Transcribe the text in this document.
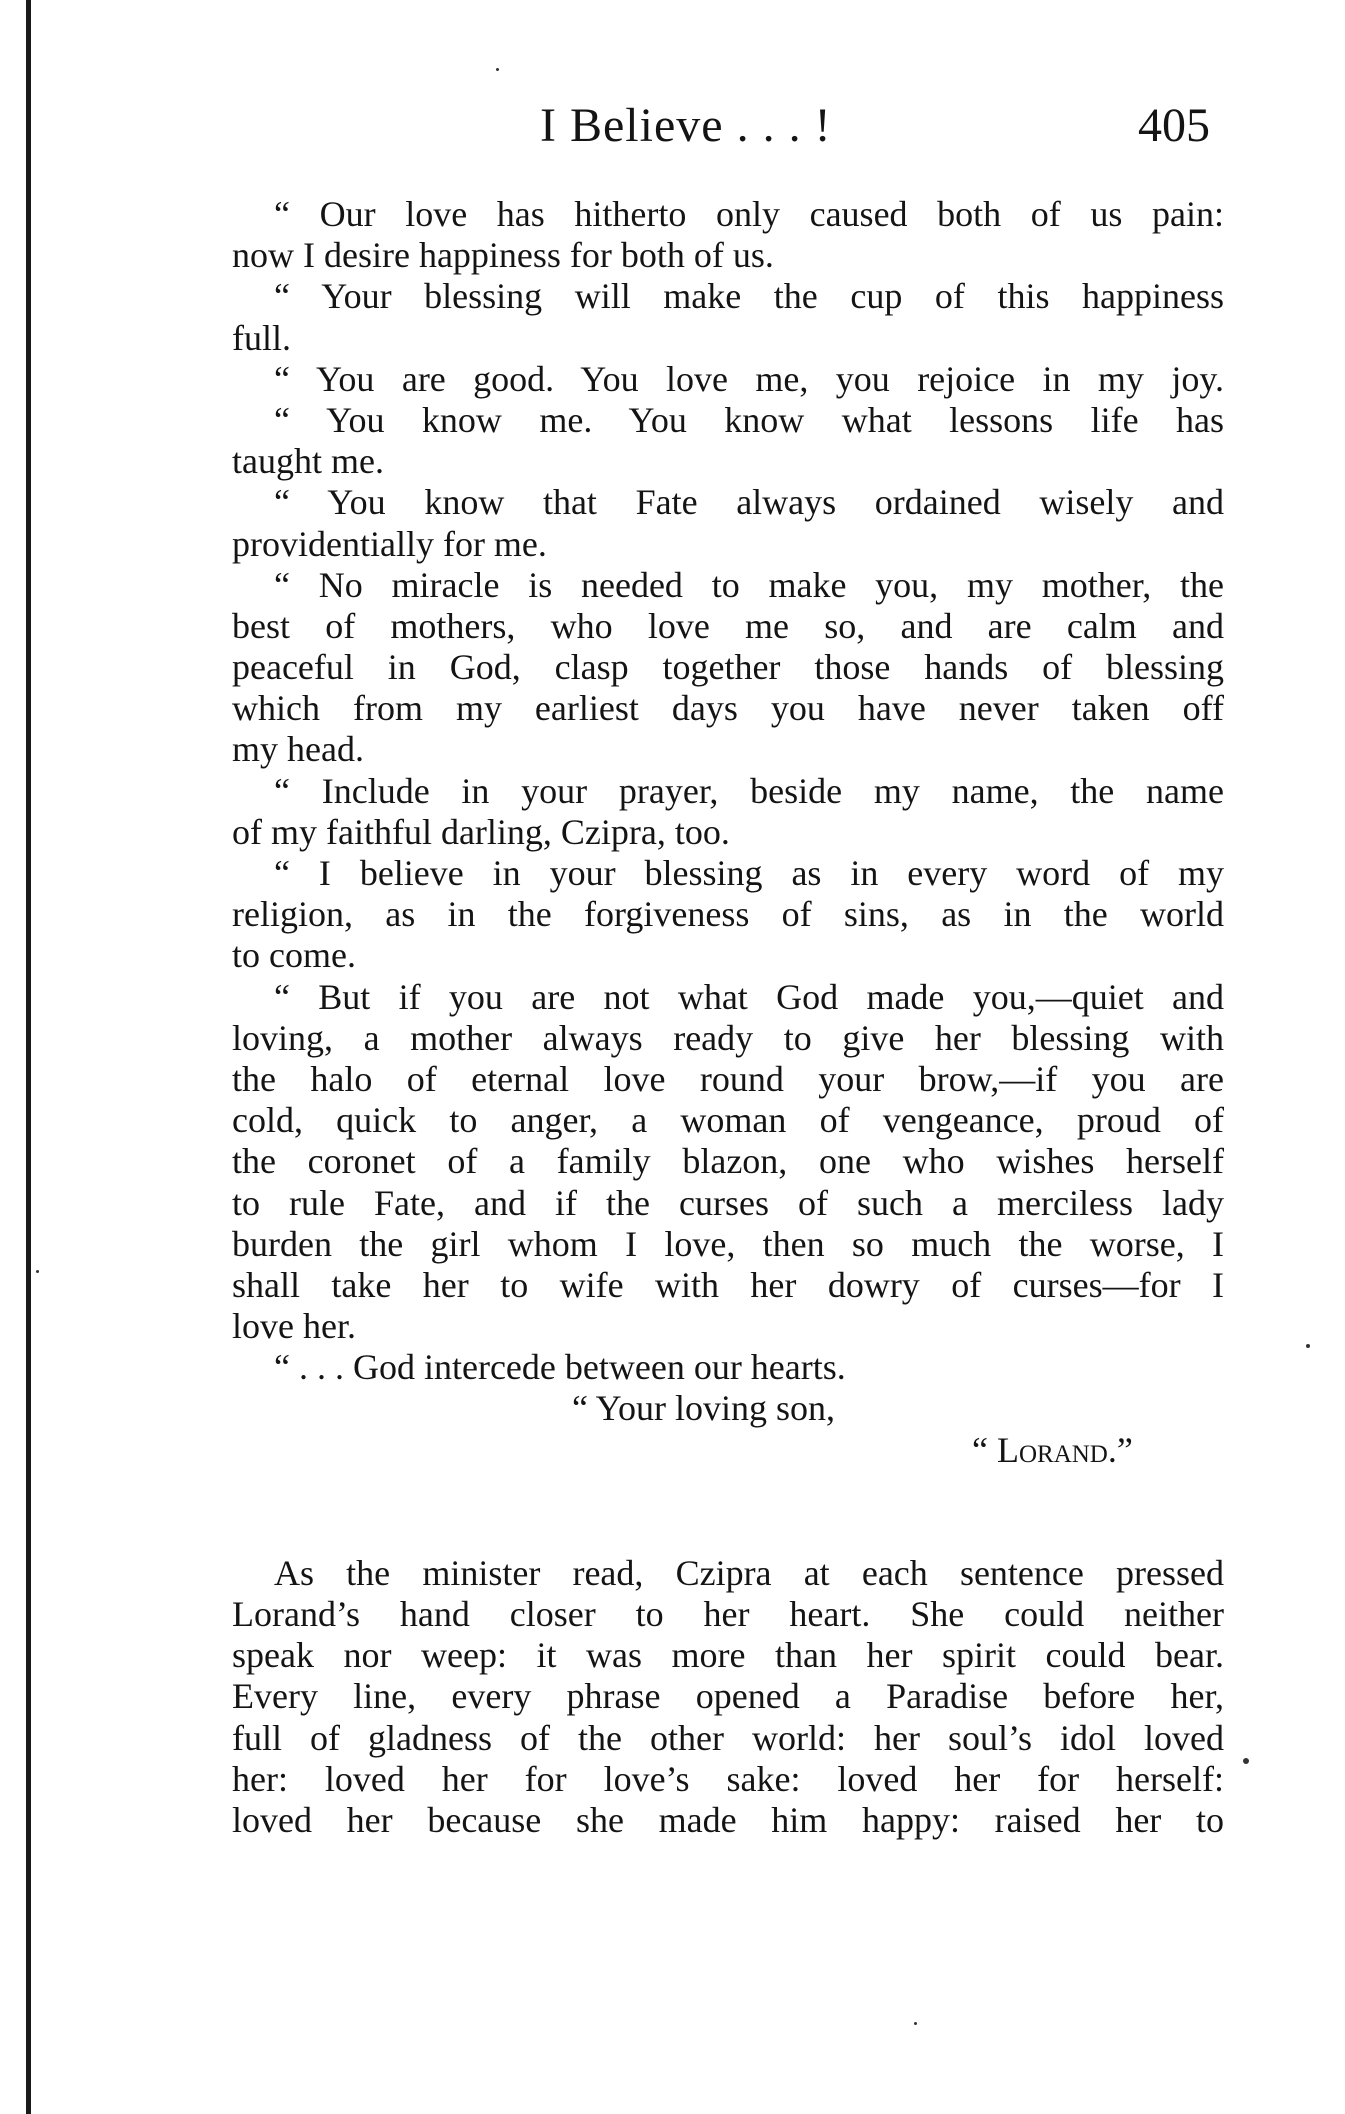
I Believe . . . !	405
“ Our love has hitherto only caused both of us pain:
now I desire happiness for both of us.
“ Your blessing will make the cup of this happiness
full.
“ You are good. You love me, you rejoice in my joy.
“ You know me. You know what lessons life has
taught me.
“ You know that Fate always ordained wisely and
providentially for me.
“ No miracle is needed to make you, my mother, the
best of mothers, who love me so, and are calm and
peaceful in God, clasp together those hands of blessing
which from my earliest days you have never taken off
my head.
“ Include in your prayer, beside my name, the name
of my faithful darling, Czipra, too.
“ I believe in your blessing as in every word of my
religion, as in the forgiveness of sins, as in the world
to come.
“ But if you are not what God made you,—quiet and
loving, a mother always ready to give her blessing with
the halo of eternal love round your brow,—if you are
cold, quick to anger, a woman of vengeance, proud of
the coronet of a family blazon, one who wishes herself
to rule Fate, and if the curses of such a merciless lady
burden the girl whom I love, then so much the worse, I
shall take her to wife with her dowry of curses—for I
love her.
“ . . . God intercede between our hearts.
“ Your loving son,
“ Lorand.”
As the minister read, Czipra at each sentence pressed
Lorand’s hand closer to her heart. She could neither
speak nor weep: it was more than her spirit could bear.
Every line, every phrase opened a Paradise before her,
full of gladness of the other world: her soul’s idol loved
her: loved her for love’s sake: loved her for herself:
loved her because she made him happy: raised her to
